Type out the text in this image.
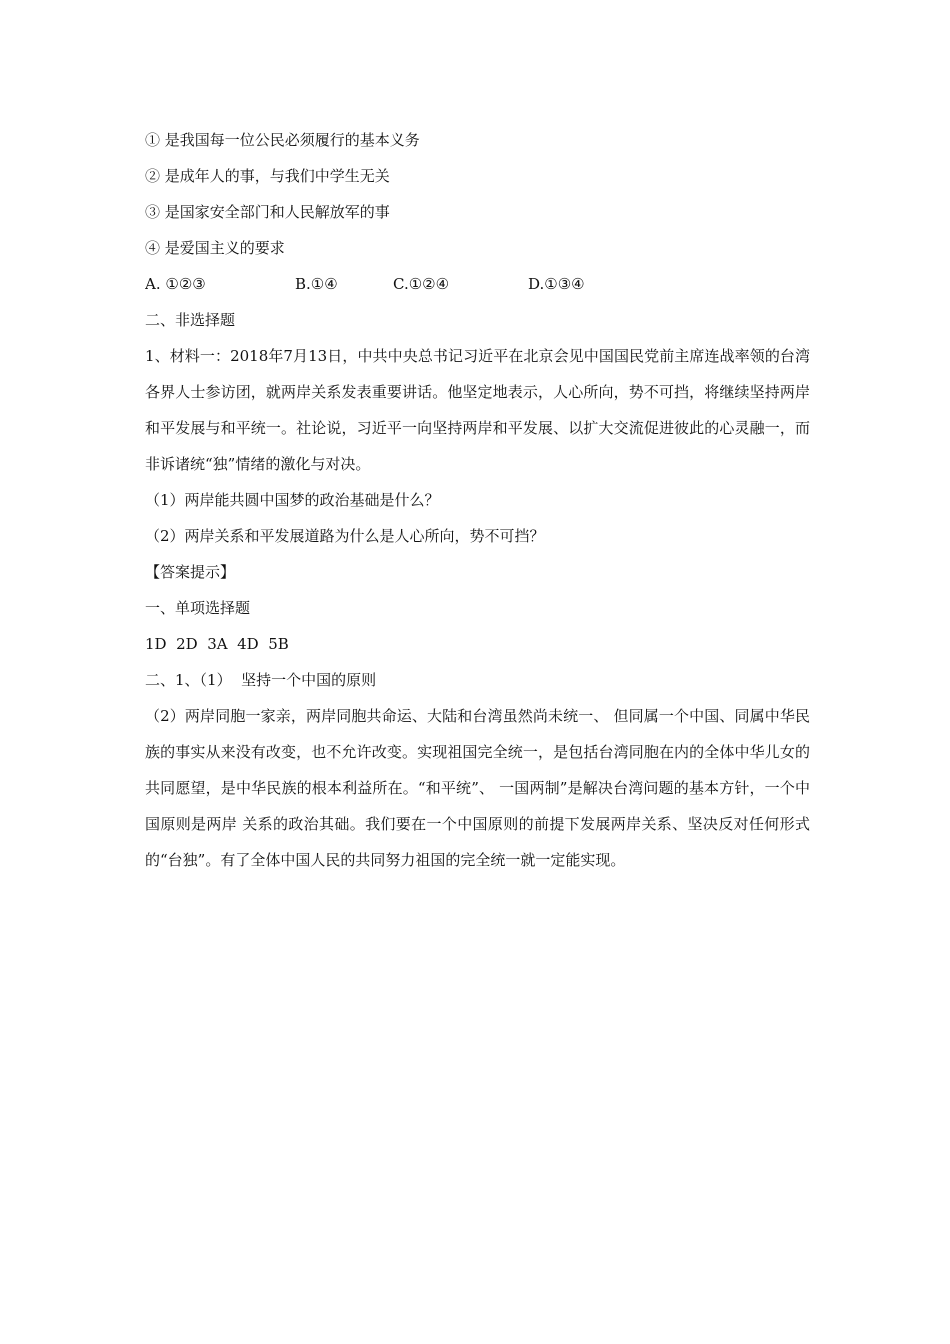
① 是我国每一位公民必须履行的基本义务
② 是成年人的事，与我们中学生无关
③ 是国家安全部门和人民解放军的事
④ 是爱国主义的要求
A. ①②③	B.①④	C.①②④	D.①③④
二、非选择题
1、材料一：2018年7月13日，中共中央总书记习近平在北京会见中国国民党前主席连战率领的台湾各界人士参访团，就两岸关系发表重要讲话。他坚定地表示，人心所向，势不可挡，将继续坚持两岸和平发展与和平统一。社论说，习近平一向坚持两岸和平发展、以扩大交流促进彼此的心灵融一，而非诉诸统“独”情绪的激化与对决。
（1）两岸能共圆中国梦的政治基础是什么？
（2）两岸关系和平发展道路为什么是人心所向，势不可挡？
【答案提示】
一、单项选择题
1D  2D  3A  4D  5B
二、1、（1）  坚持一个中国的原则
（2）两岸同胞一家亲，两岸同胞共命运、大陆和台湾虽然尚未统一、 但同属一个中国、同属中华民族的事实从来没有改变，也不允许改变。实现祖国完全统一，是包括台湾同胞在内的全体中华儿女的共同愿望，是中华民族的根本利益所在。“和平统”、 一国两制”是解决台湾问题的基本方针，一个中国原则是两岸 关系的政治其础。我们要在一个中国原则的前提下发展两岸关系、坚决反对任何形式的“台独”。有了全体中国人民的共同努力祖国的完全统一就一定能实现。
